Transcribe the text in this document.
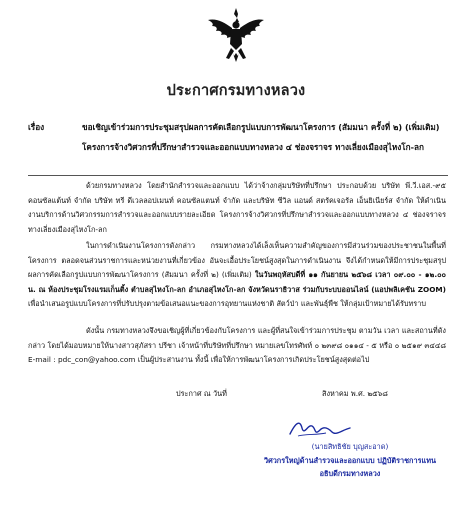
ประกาศกรมทางหลวง
เรื่อง	ขอเชิญเข้าร่วมการประชุมสรุปผลการคัดเลือกรูปแบบการพัฒนาโครงการ (สัมมนา ครั้งที่ ๒) (เพิ่มเติม) โครงการจ้างวิศวกรที่ปรึกษาสำรวจและออกแบบทางหลวง ๔ ช่องจราจร ทางเลี่ยงเมืองสุไหงโก-ลก
ด้วยกรมทางหลวง โดยสำนักสำรวจและออกแบบ ได้ว่าจ้างกลุ่มบริษัทที่ปรึกษา ประกอบด้วย บริษัท พี.วี.เอส.-๙๕ คอนซัลแต้นท์ จำกัด บริษัท ทรี ดีเวลลอปเมนท์ คอนซัลแตนท์ จำกัด และบริษัท ซีวิล แอนด์ สตรัคเจอรัล เอ็นยิเนียร์ส จำกัด ให้ดำเนินงานบริการด้านวิศวกรรมการสำรวจและออกแบบรายละเอียด โครงการจ้างวิศวกรที่ปรึกษาสำรวจและออกแบบทางหลวง ๔ ช่องจราจร ทางเลี่ยงเมืองสุไหงโก-ลก
ในการดำเนินงานโครงการดังกล่าว กรมทางหลวงได้เล็งเห็นความสำคัญของการมีส่วนร่วมของประชาชนในพื้นที่โครงการ ตลอดจนส่วนราชการและหน่วยงานที่เกี่ยวข้อง อันจะเอื้อประโยชน์สูงสุดในการดำเนินงาน จึงได้กำหนดให้มีการประชุมสรุปผลการคัดเลือกรูปแบบการพัฒนาโครงการ (สัมมนา ครั้งที่ ๒) (เพิ่มเติม) ในวันพฤหัสบดีที่ ๑๑ กันยายน ๒๕๖๘ เวลา ๐๙.๐๐ - ๑๒.๐๐ น. ณ ห้องประชุมโรงแรมเก็นติ้ง ตำบลสุไหงโก-ลก อำเภอสุไหงโก-ลก จังหวัดนราธิวาส ร่วมกับระบบออนไลน์ (แอปพลิเคชัน ZOOM) เพื่อนำเสนอรูปแบบโครงการที่ปรับปรุงตามข้อเสนอแนะของการอุทยานแห่งชาติ สัตว์ป่า และพันธุ์พืช ให้กลุ่มเป้าหมายได้รับทราบ
ดังนั้น กรมทางหลวงจึงขอเชิญผู้ที่เกี่ยวข้องกับโครงการ และผู้ที่สนใจเข้าร่วมการประชุม ตามวัน เวลา และสถานที่ดังกล่าว โดยได้มอบหมายให้นางสาวสุภัสรา ปรีชา เจ้าหน้าที่บริษัทที่ปรึกษา หมายเลขโทรศัพท์ ๐ ๒๓๙๘ ๐๑๑๔ - ๕ หรือ ๐ ๒๕๑๙ ๓๔๔๘ E-mail : pdc_con@yahoo.com เป็นผู้ประสานงาน ทั้งนี้ เพื่อให้การพัฒนาโครงการเกิดประโยชน์สูงสุดต่อไป
ประกาศ ณ วันที่	สิงหาคม พ.ศ. ๒๕๖๘
(นายสิทธิชัย บุญสะอาด)
วิศวกรใหญ่ด้านสำรวจและออกแบบ ปฏิบัติราชการแทน
อธิบดีกรมทางหลวง
